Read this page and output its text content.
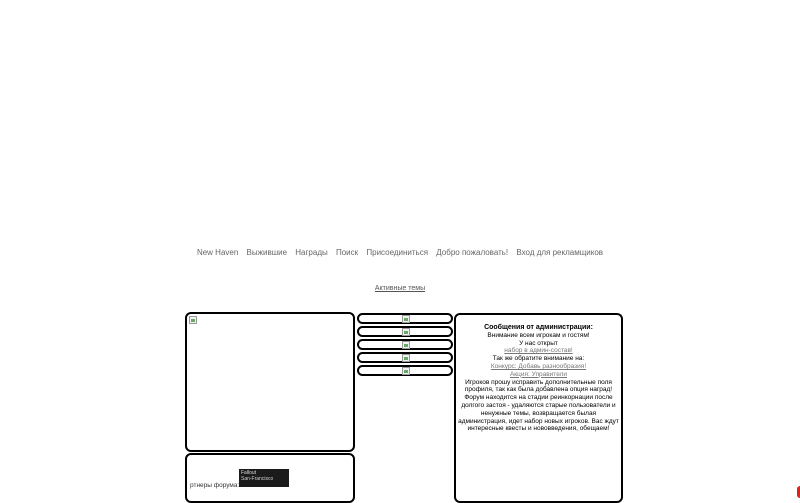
New Haven Выжившие Награды Поиск Присоединиться Добро пожаловать! Вход для рекламщиков
Активные темы
ртнеры форума:
Fallout
San-Francisco
Сообщения от администрации:
Внимание всем игрокам и гостям!
У нас открыт
набор в админ-состав!
Так же обратите внимание на:
Конкурс: Добавь разнообразия!
Акция: Управители
Игроков прошу исправить дополнительные поля профиля, так как была добавлена опция наград! Форум находится на стадии реинкорнации после долгого застоя - удаляются старые пользователи и ненужные темы, возвращается былая администрация, идет набор новых игроков. Вас ждут интересные квесты и нововведения, обещаем!
